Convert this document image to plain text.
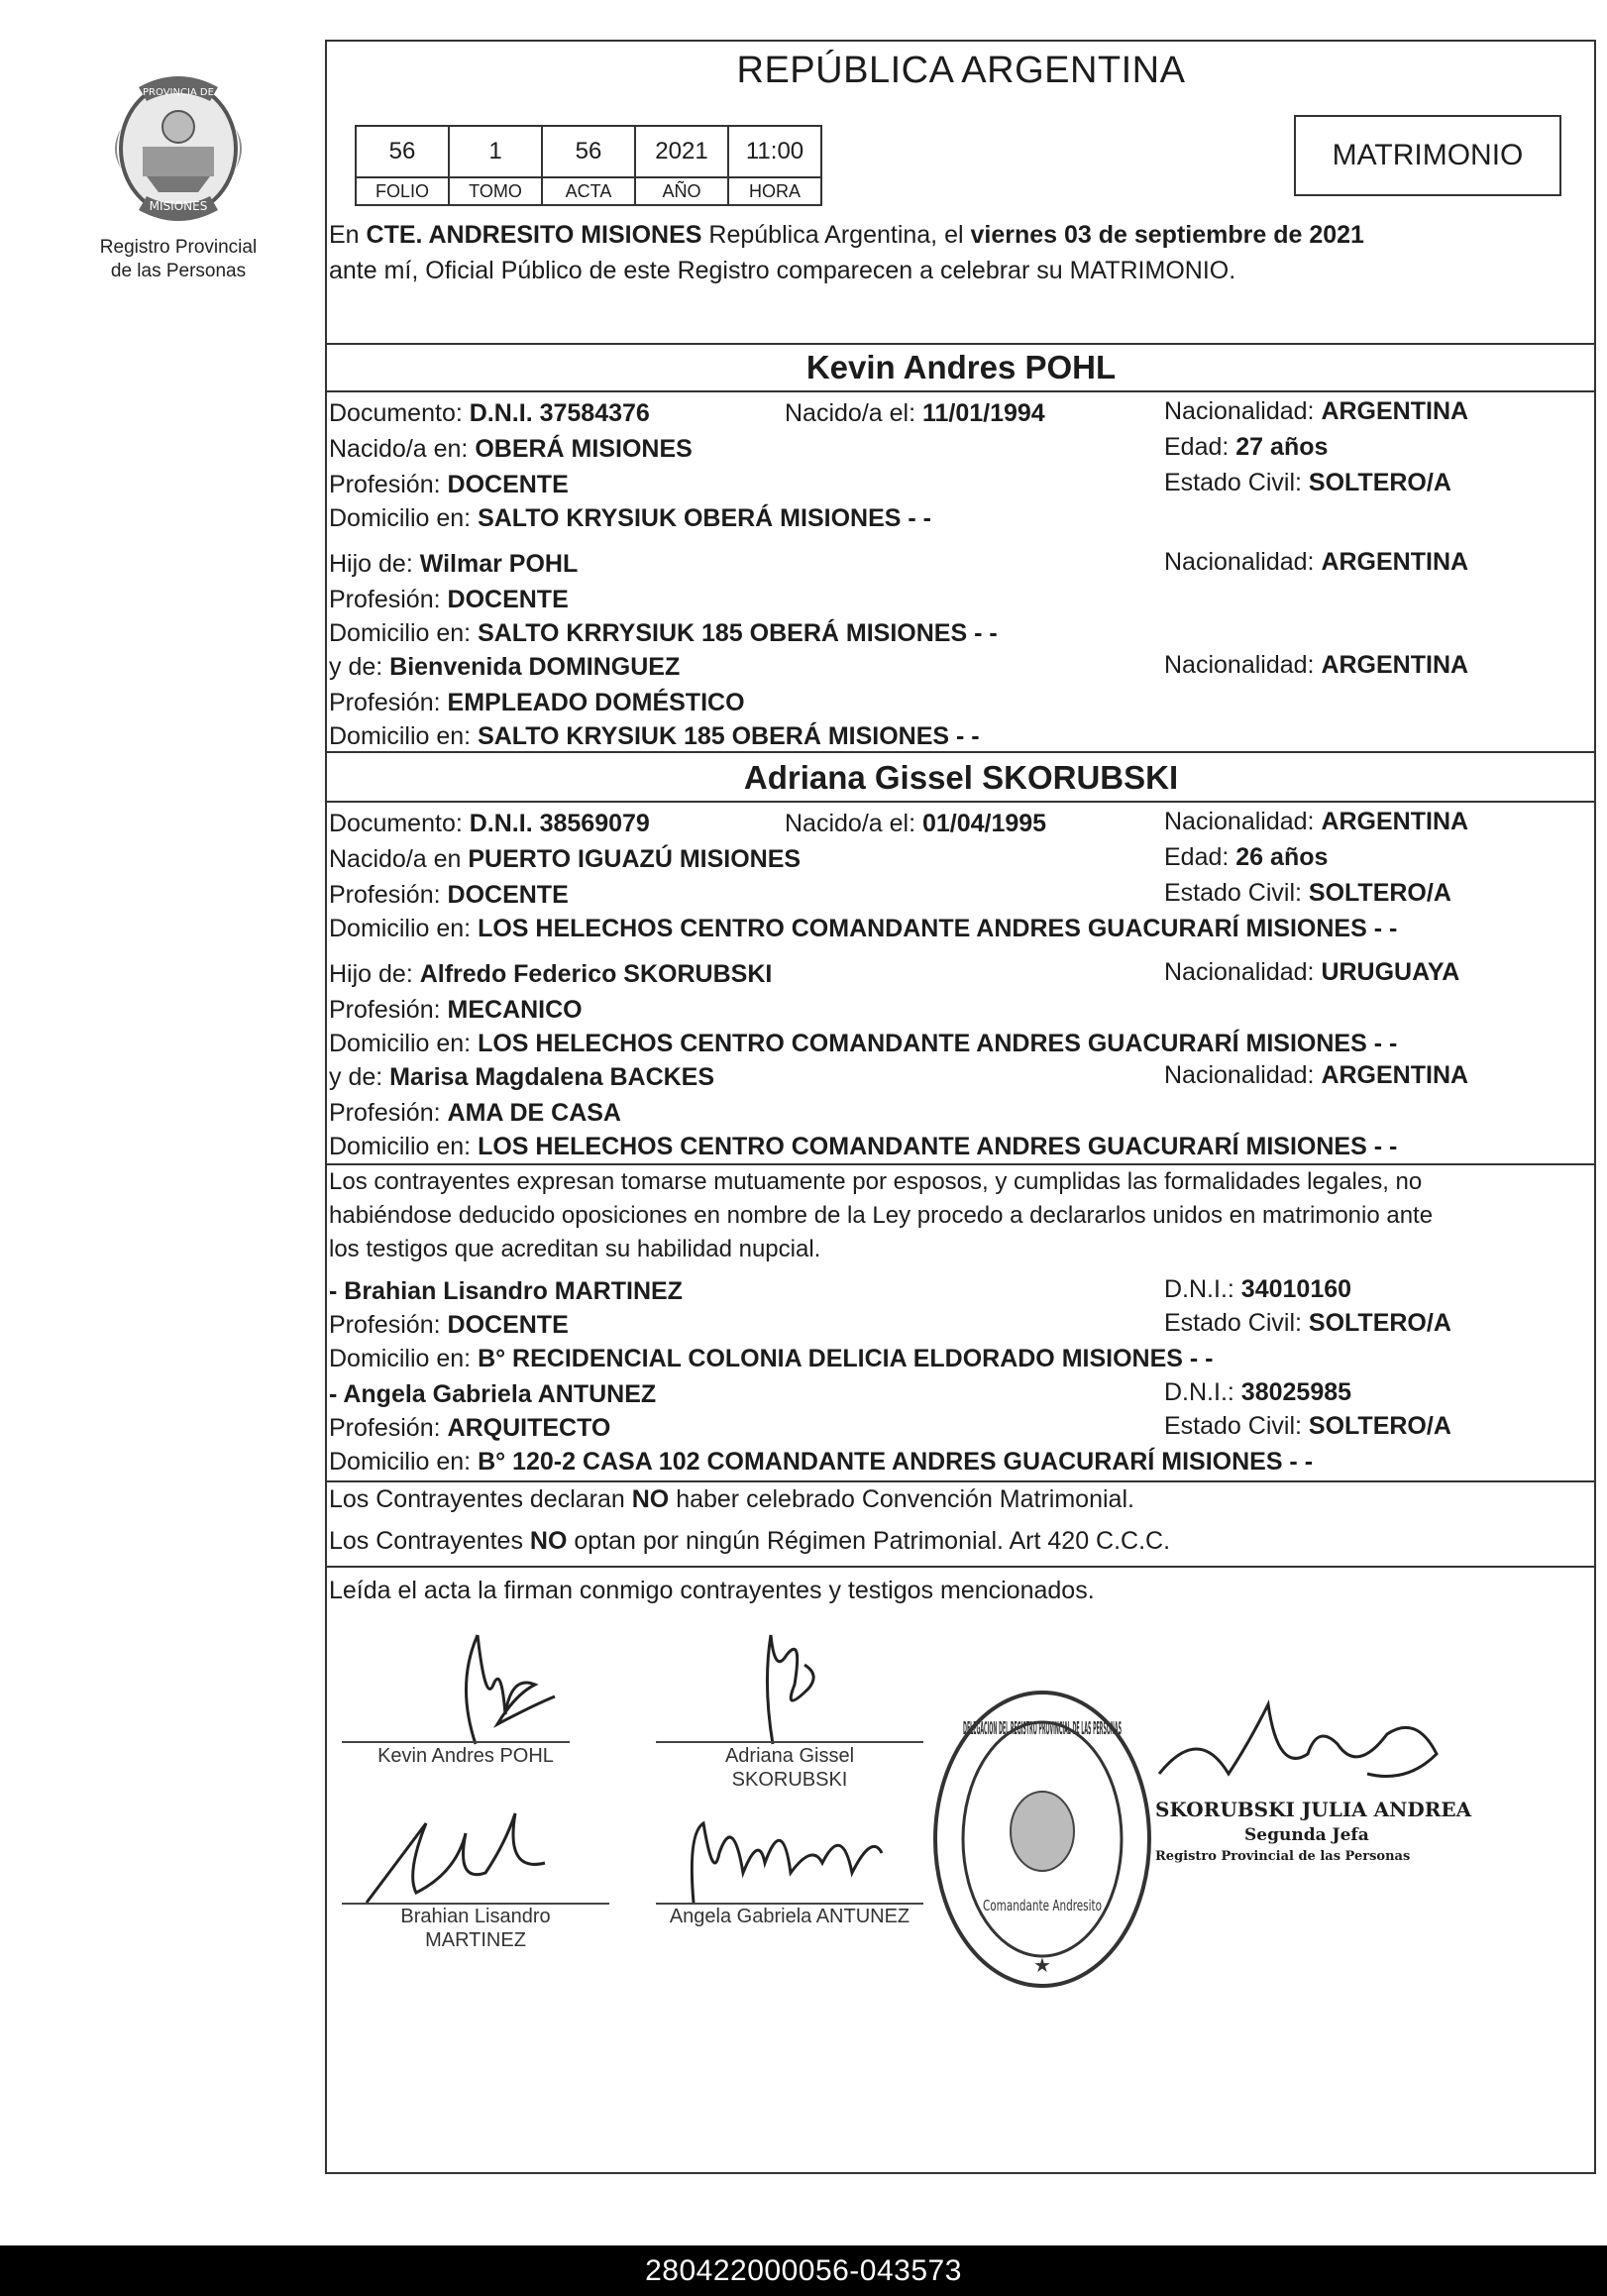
PROVINCIA DE
MISIONES
Registro Provincial
de las Personas
REPÚBLICA ARGENTINA
56	1	56	2021	11:00
FOLIO	TOMO	ACTA	AÑO	HORA
MATRIMONIO
En CTE. ANDRESITO MISIONES República Argentina, el viernes 03 de septiembre de 2021
ante mí, Oficial Público de este Registro comparecen a celebrar su MATRIMONIO.
Kevin Andres POHL
Documento: D.N.I. 37584376	Nacido/a el: 11/01/1994	Nacionalidad: ARGENTINA
Nacido/a en: OBERÁ MISIONES	Edad: 27 años
Profesión: DOCENTE	Estado Civil: SOLTERO/A
Domicilio en: SALTO KRYSIUK OBERÁ MISIONES - -
Hijo de: Wilmar POHL	Nacionalidad: ARGENTINA
Profesión: DOCENTE
Domicilio en: SALTO KRRYSIUK 185 OBERÁ MISIONES - -
y de: Bienvenida DOMINGUEZ	Nacionalidad: ARGENTINA
Profesión: EMPLEADO DOMÉSTICO
Domicilio en: SALTO KRYSIUK 185 OBERÁ MISIONES - -
Adriana Gissel SKORUBSKI
Documento: D.N.I. 38569079	Nacido/a el: 01/04/1995	Nacionalidad: ARGENTINA
Nacido/a en PUERTO IGUAZÚ MISIONES	Edad: 26 años
Profesión: DOCENTE	Estado Civil: SOLTERO/A
Domicilio en: LOS HELECHOS CENTRO COMANDANTE ANDRES GUACURARÍ MISIONES - -
Hijo de: Alfredo Federico SKORUBSKI	Nacionalidad: URUGUAYA
Profesión: MECANICO
Domicilio en: LOS HELECHOS CENTRO COMANDANTE ANDRES GUACURARÍ MISIONES - -
y de: Marisa Magdalena BACKES	Nacionalidad: ARGENTINA
Profesión: AMA DE CASA
Domicilio en: LOS HELECHOS CENTRO COMANDANTE ANDRES GUACURARÍ MISIONES - -
Los contrayentes expresan tomarse mutuamente por esposos, y cumplidas las formalidades legales, no
habiéndose deducido oposiciones en nombre de la Ley procedo a declararlos unidos en matrimonio ante
los testigos que acreditan su habilidad nupcial.
- Brahian Lisandro MARTINEZ	D.N.I.: 34010160
Profesión: DOCENTE	Estado Civil: SOLTERO/A
Domicilio en: B° RECIDENCIAL COLONIA DELICIA ELDORADO MISIONES - -
- Angela Gabriela ANTUNEZ	D.N.I.: 38025985
Profesión: ARQUITECTO	Estado Civil: SOLTERO/A
Domicilio en: B° 120-2 CASA 102 COMANDANTE ANDRES GUACURARÍ MISIONES - -
Los Contrayentes declaran NO haber celebrado Convención Matrimonial.
Los Contrayentes NO optan por ningún Régimen Patrimonial. Art 420 C.C.C.
Leída el acta la firman conmigo contrayentes y testigos mencionados.
Kevin Andres POHL	Adriana Gissel
SKORUBSKI
Brahian Lisandro
MARTINEZ
Angela Gabriela ANTUNEZ
DELEGACION DEL REGISTRO PROVINCIAL DE LAS PERSONAS
Comandante Andresito
★
SKORUBSKI JULIA ANDREA
Segunda Jefa
Registro Provincial de las Personas
280422000056-043573
